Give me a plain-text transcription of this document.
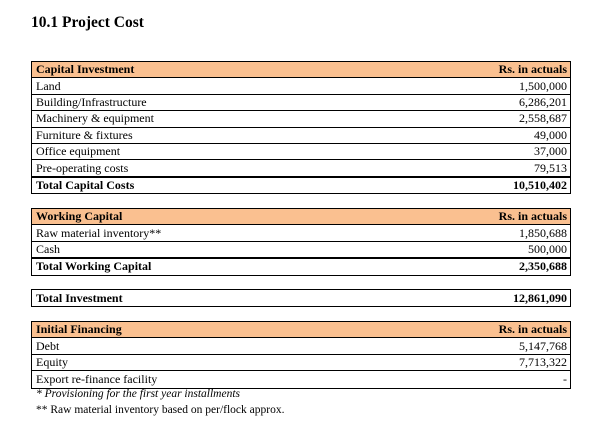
10.1 Project Cost
Capital Investment	Rs. in actuals
Land	1,500,000
Building/Infrastructure	6,286,201
Machinery & equipment	2,558,687
Furniture & fixtures	49,000
Office equipment	37,000
Pre-operating costs	79,513
Total Capital Costs	10,510,402
Working Capital	Rs. in actuals
Raw material inventory**	1,850,688
Cash	500,000
Total Working Capital	2,350,688
Total Investment	12,861,090
Initial Financing	Rs. in actuals
Debt	5,147,768
Equity	7,713,322
Export re-finance facility	-
* Provisioning for the first year installments
** Raw material inventory based on per/flock approx.
